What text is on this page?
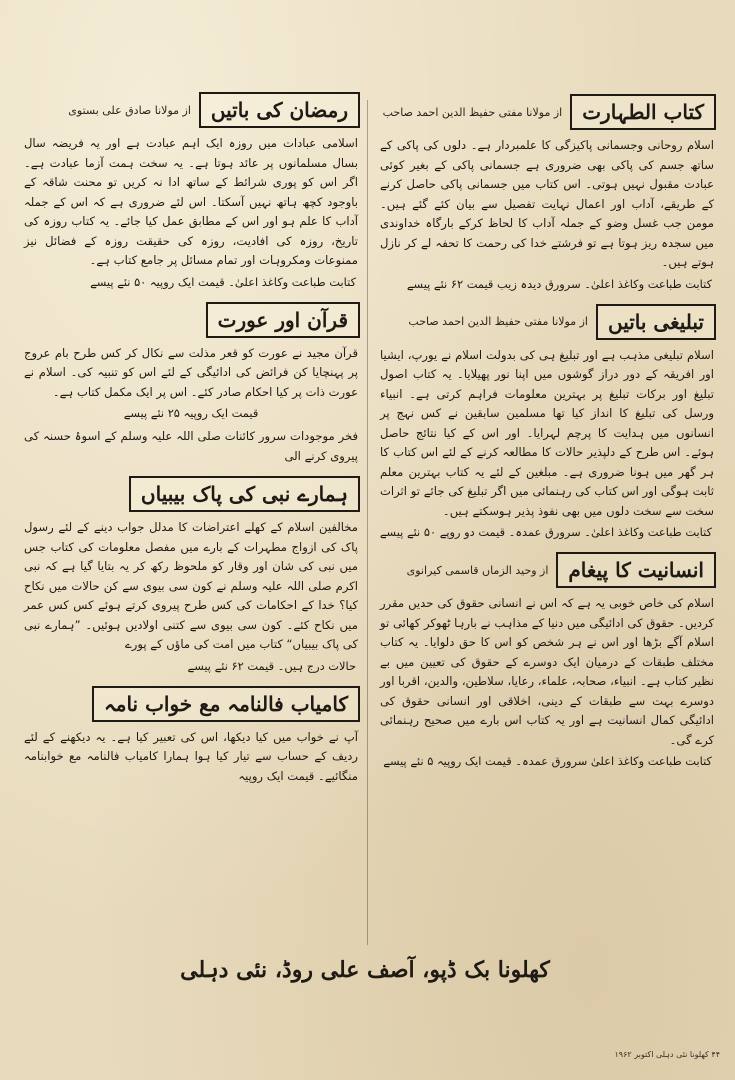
کتاب الطہارت
از مولانا مفتی حفیظ الدین احمد صاحب
اسلام روحانی وجسمانی پاکیزگی کا علمبردار ہے۔ دلوں کی پاکی کے ساتھ جسم کی پاکی بھی ضروری ہے جسمانی پاکی کے بغیر کوئی عبادت مقبول نہیں ہوتی۔ اس کتاب میں جسمانی پاکی حاصل کرنے کے طریقے، آداب اور اعمال نہایت تفصیل سے بیان کئے گئے ہیں۔ مومن جب غسل وضو کے جملہ آداب کا لحاظ کرکے بارگاہ خداوندی میں سجدہ ریز ہوتا ہے تو فرشتے خدا کی رحمت کا تحفہ لے کر نازل ہوتے ہیں۔
کتابت طباعت وکاغذ اعلیٰ۔ سرورق دیدہ زیب قیمت ۶۲ نئے پیسے
تبلیغی باتیں
از مولانا مفتی حفیظ الدین احمد صاحب
اسلام تبلیغی مذہب ہے اور تبلیغ ہی کی بدولت اسلام نے یورپ، ایشیا اور افریقہ کے دور دراز گوشوں میں اپنا نور پھیلایا۔ یہ کتاب اصول تبلیغ اور برکات تبلیغ پر بہترین معلومات فراہم کرتی ہے۔ انبیاء ورسل کی تبلیغ کا انداز کیا تھا مسلمین سابقین نے کس نہج پر انسانوں میں ہدایت کا پرچم لہرایا۔ اور اس کے کیا نتائج حاصل ہوئے۔ اس طرح کے دلپذیر حالات کا مطالعہ کرنے کے لئے اس کتاب کا ہر گھر میں ہونا ضروری ہے۔ مبلغین کے لئے یہ کتاب بہترین معلم ثابت ہوگی اور اس کتاب کی رہنمائی میں اگر تبلیغ کی جائے تو اثرات سخت سے سخت دلوں میں بھی نفوذ پذیر ہوسکتے ہیں۔
کتابت طباعت وکاغذ اعلیٰ۔ سرورق عمدہ۔ قیمت دو روپے ۵۰ نئے پیسے
انسانیت کا پیغام
از وحید الزماں قاسمی کیرانوی
اسلام کی خاص خوبی یہ ہے کہ اس نے انسانی حقوق کی حدیں مقرر کردیں۔ حقوق کی ادائیگی میں دنیا کے مذاہب نے بارہا ٹھوکر کھائی تو اسلام آگے بڑھا اور اس نے ہر شخص کو اس کا حق دلوایا۔ یہ کتاب مختلف طبقات کے درمیان ایک دوسرے کے حقوق کی تعیین میں بے نظیر کتاب ہے۔ انبیاء، صحابہ، علماء، رعایا، سلاطین، والدین، اقربا اور دوسرے بہت سے طبقات کے دینی، اخلاقی اور انسانی حقوق کی ادائیگی کمال انسانیت ہے اور یہ کتاب اس بارے میں صحیح رہنمائی کرے گی۔
کتابت طباعت وکاغذ اعلیٰ سرورق عمدہ۔ قیمت ایک روپیہ ۵ نئے پیسے
رمضان کی باتیں
از مولانا صادق علی بستوی
اسلامی عبادات میں روزہ ایک اہم عبادت ہے اور یہ فریضہ سال بسال مسلمانوں پر عائد ہوتا ہے۔ یہ سخت ہمت آزما عبادت ہے۔ اگر اس کو پوری شرائط کے ساتھ ادا نہ کریں تو محنت شاقہ کے باوجود کچھ ہاتھ نہیں آسکتا۔ اس لئے ضروری ہے کہ اس کے جملہ آداب کا علم ہو اور اس کے مطابق عمل کیا جائے۔ یہ کتاب روزہ کی تاریخ، روزہ کی افادیت، روزہ کی حقیقت روزہ کے فضائل نیز ممنوعات ومکروہات اور تمام مسائل پر جامع کتاب ہے۔
کتابت طباعت وکاغذ اعلیٰ۔ قیمت ایک روپیہ ۵۰ نئے پیسے
قرآن اور عورت
قرآن مجید نے عورت کو قعر مذلت سے نکال کر کس طرح بام عروج پر پہنچایا کن فرائض کی ادائیگی کے لئے اس کو تنبیہ کی۔ اسلام نے عورت ذات پر کیا احکام صادر کئے۔ اس پر ایک مکمل کتاب ہے۔
قیمت ایک روپیہ ۲۵ نئے پیسے
فخر موجودات سرور کائنات صلی اللہ علیہ وسلم کے اسوۂ حسنہ کی پیروی کرنے الی
ہمارے نبی کی پاک بیبیاں
مخالفین اسلام کے کھلے اعتراضات کا مدلل جواب دینے کے لئے رسول پاک کی ازواج مطہرات کے بارے میں مفصل معلومات کی کتاب جس میں نبی کی شان اور وقار کو ملحوظ رکھ کر یہ بتایا گیا ہے کہ نبی اکرم صلی اللہ علیہ وسلم نے کون سی بیوی سے کن حالات میں نکاح کیا؟ خدا کے احکامات کی کس طرح پیروی کرتے ہوئے کس کس عمر میں نکاح کئے۔ کون سی بیوی سے کتنی اولادیں ہوئیں۔ ”ہمارے نبی کی پاک بیبیاں“ کتاب میں امت کی ماؤں کے پورے
حالات درج ہیں۔ قیمت ۶۲ نئے پیسے
کامیاب فالنامہ مع خواب نامہ
آپ نے خواب میں کیا دیکھا، اس کی تعبیر کیا ہے۔ یہ دیکھنے کے لئے ردیف کے حساب سے تیار کیا ہوا ہمارا کامیاب فالنامہ مع خوابنامہ منگائیے۔ قیمت ایک روپیہ
کھلونا بک ڈپو، آصف علی روڈ، نئی دہلی
۴۴ کھلونا نئی دہلی اکتوبر ۱۹۶۲
